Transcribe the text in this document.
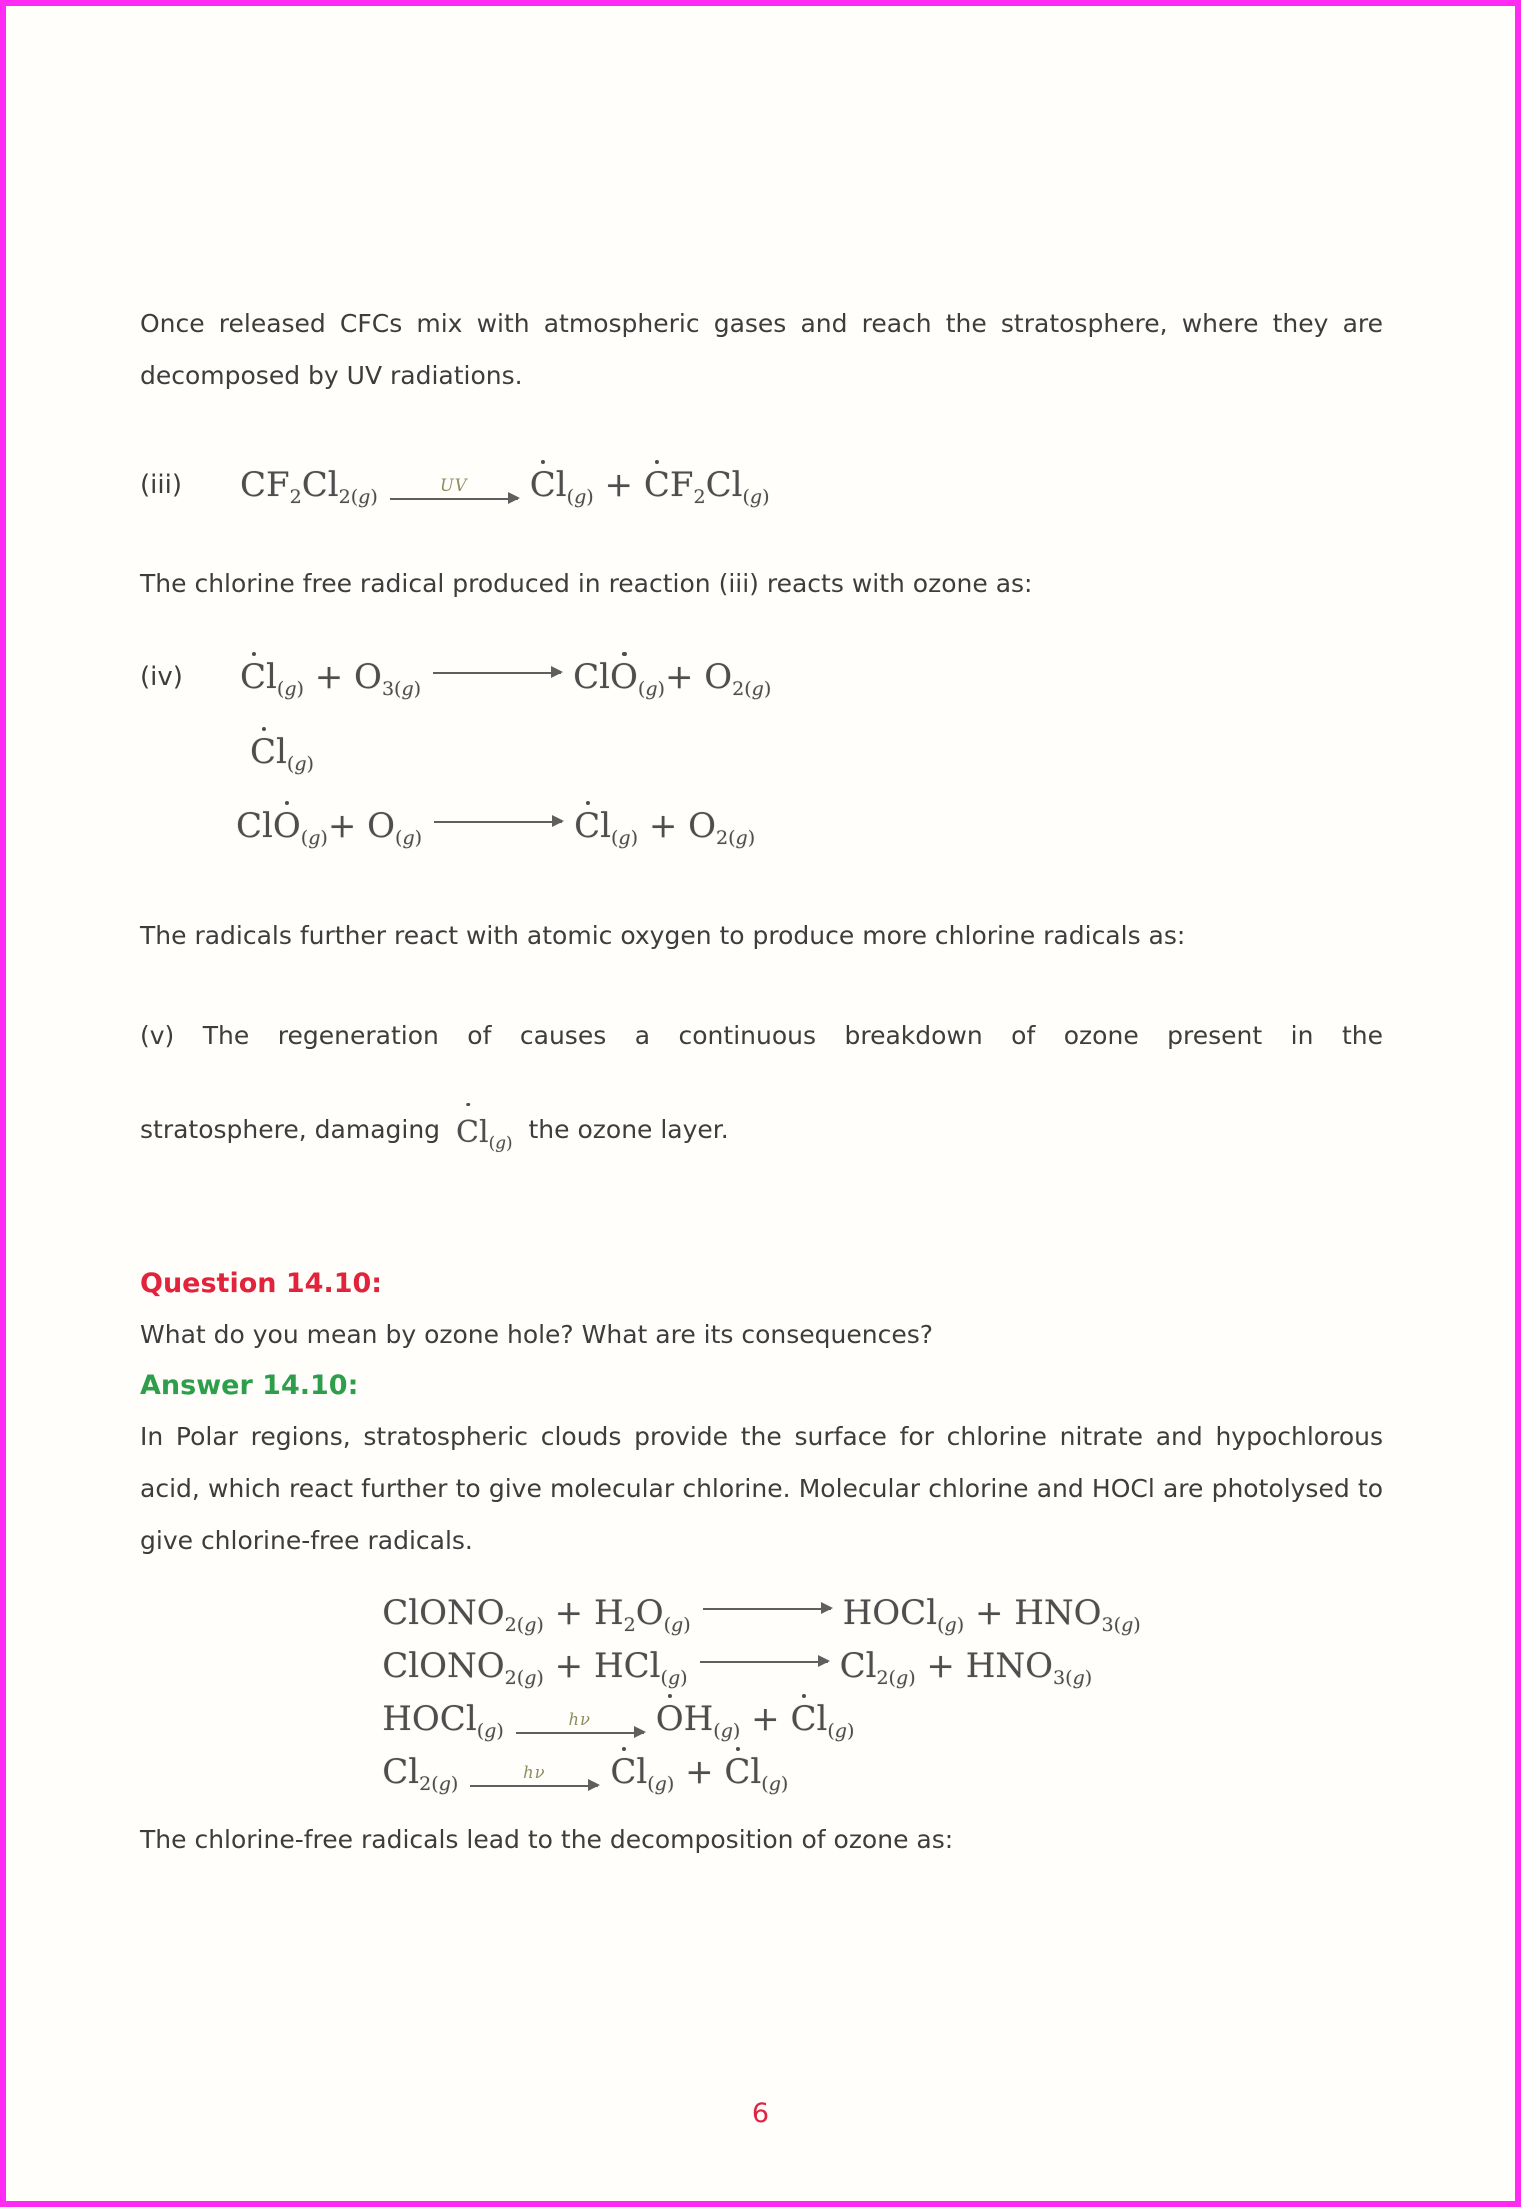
Once released CFCs mix with atmospheric gases and reach the stratosphere, where they are decomposed by UV radiations.
(iii)	$CF_2Cl_{2(g)}$
UV $Cl_{(g)} + CF_2Cl_{(g)}$
The chlorine free radical produced in reaction (iii) reacts with ozone as:
(iv)	$Cl_{(g)} + O_{3(g)}$	$ClO_{(g)}+ O_{2(g)}$
$Cl_{(g)}$
$ClO_{(g)}+ O_{(g)}$	$Cl_{(g)} + O_{2(g)}$
The radicals further react with atomic oxygen to produce more chlorine radicals as:
(v) The regeneration of causes a continuous breakdown of ozone present in the
stratosphere, damaging $Cl_{(g)}$ the ozone layer.
Question 14.10:
What do you mean by ozone hole? What are its consequences?
Answer 14.10:
In Polar regions, stratospheric clouds provide the surface for chlorine nitrate and hypochlorous acid, which react further to give molecular chlorine. Molecular chlorine and HOCl are photolysed to give chlorine-free radicals.
ClONO$_{2(g)}$ + $H_2O_{(g)}$	HOCl$_{(g)}$ + $HNO_{3(g)}$
ClONO$_{2(g)}$ + HCl$_{(g)}$	$Cl_{2(g)} + HNO_{3(g)}$
HOCl$_{(g)}$
hν $OH_{(g)} + Cl_{(g)}$
$Cl_{2(g)}$
hν $Cl_{(g)} + Cl_{(g)}$
The chlorine-free radicals lead to the decomposition of ozone as:
6
